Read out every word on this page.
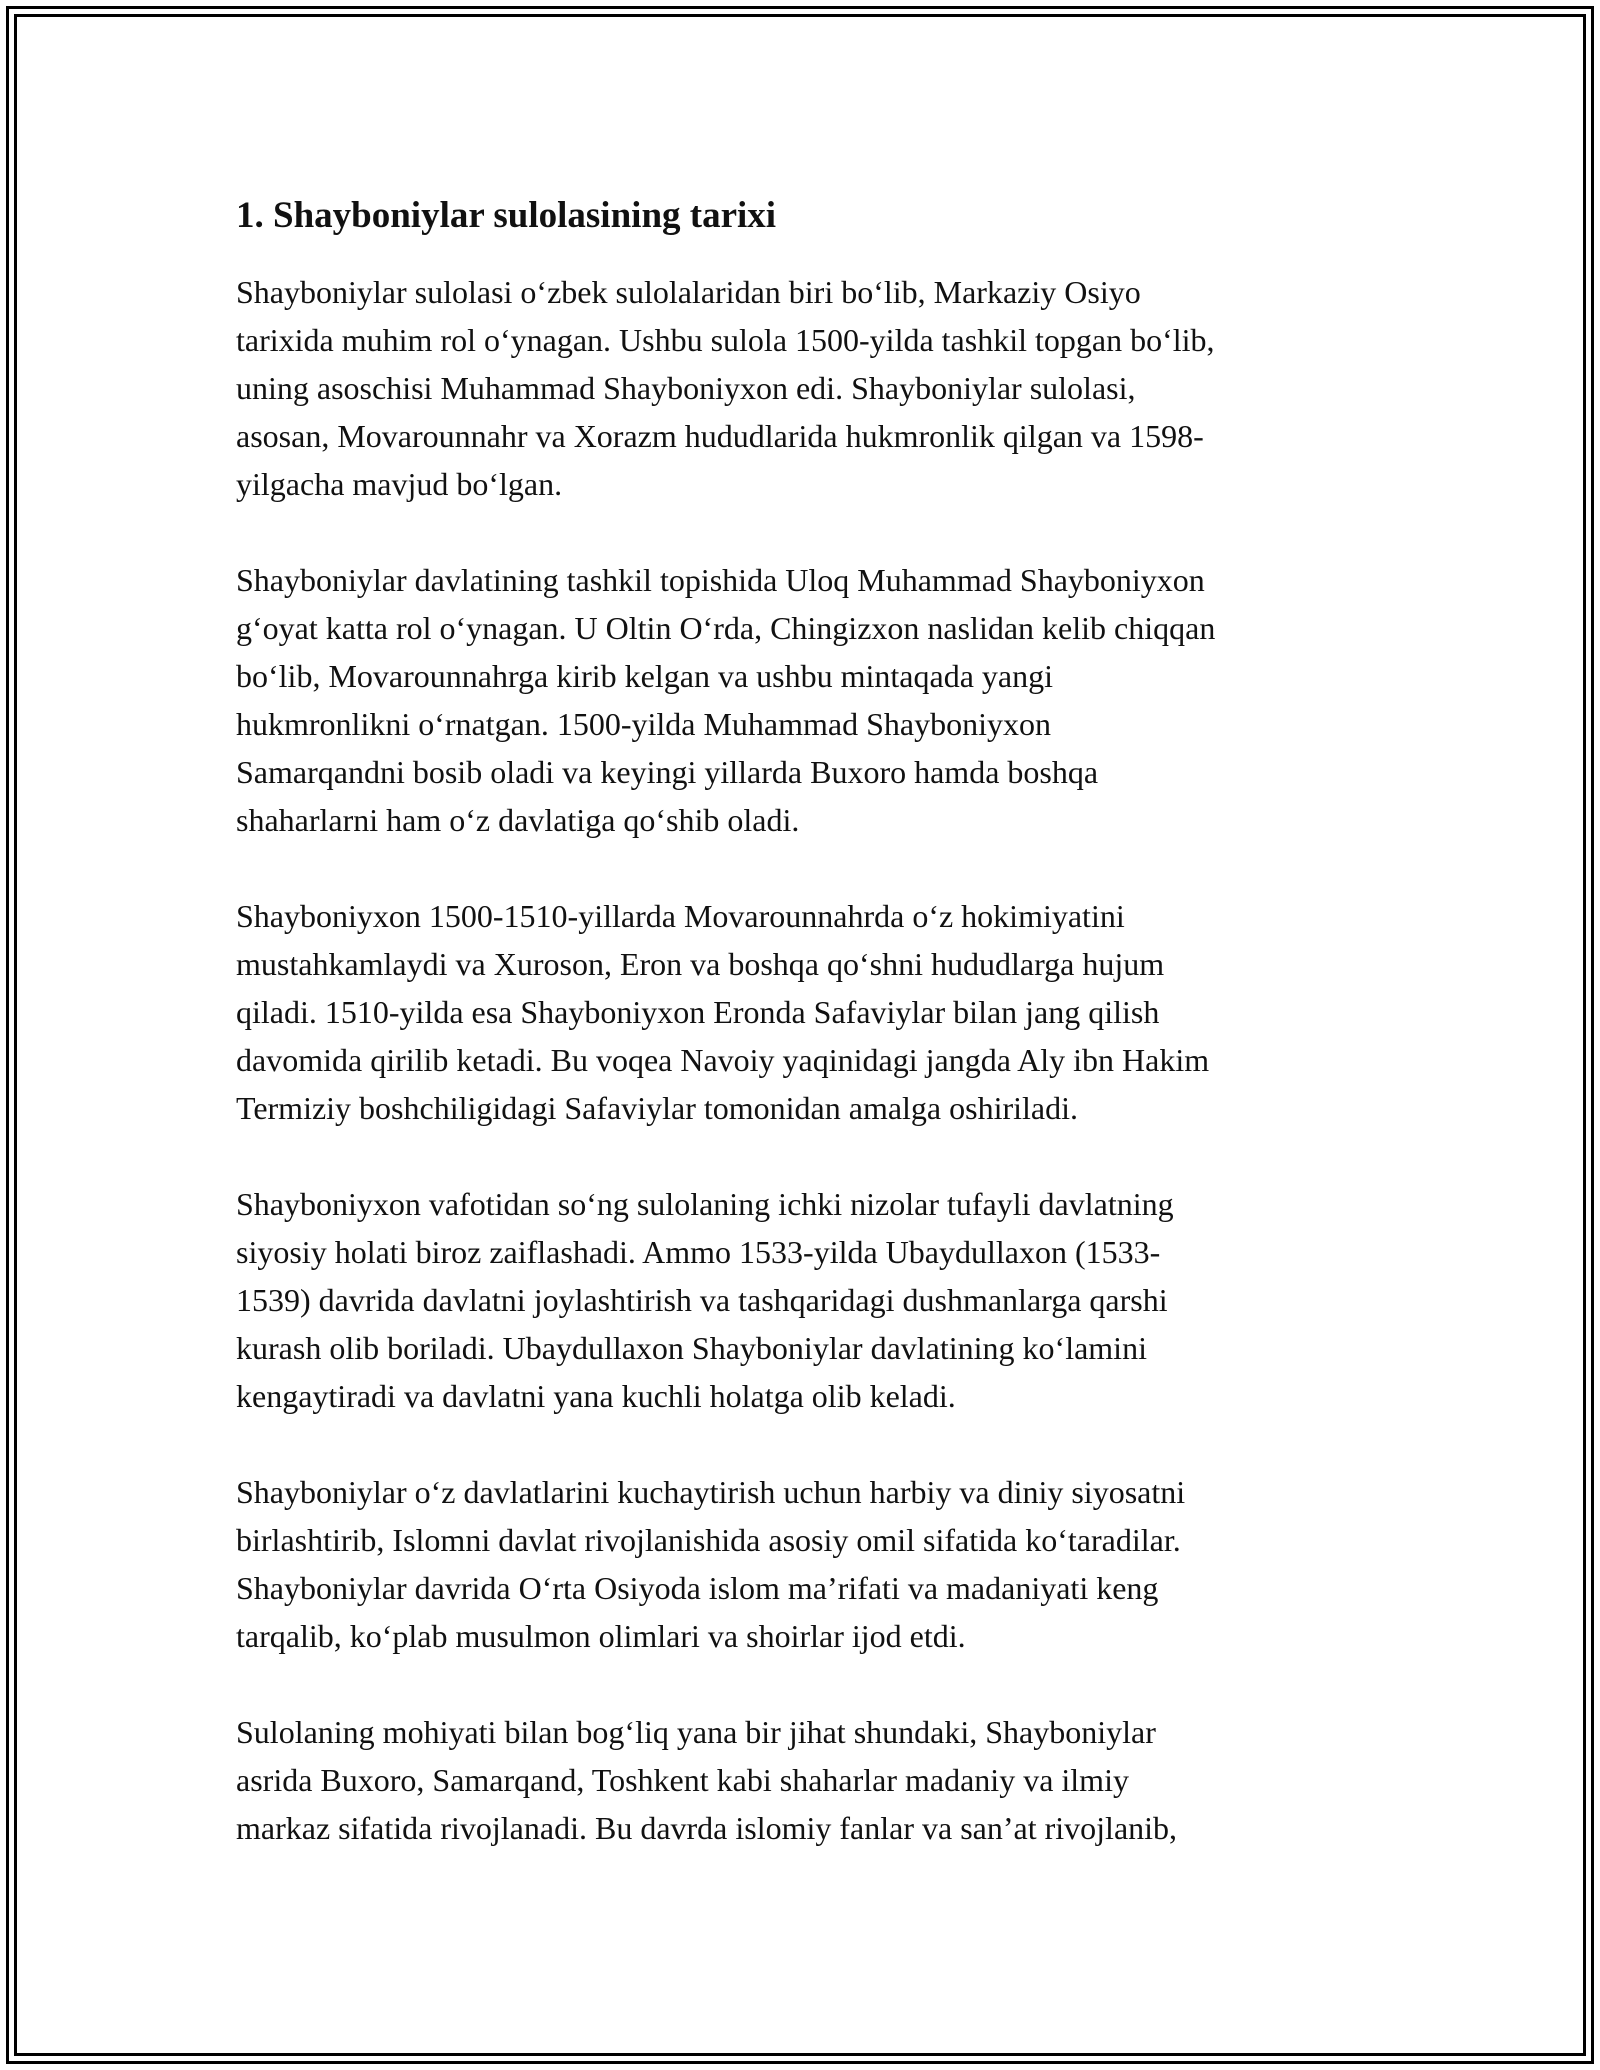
1. Shayboniylar sulolasining tarixi

Shayboniylar sulolasi o‘zbek sulolalaridan biri bo‘lib, Markaziy Osiyo
tarixida muhim rol o‘ynagan. Ushbu sulola 1500-yilda tashkil topgan bo‘lib,
uning asoschisi Muhammad Shayboniyxon edi. Shayboniylar sulolasi,
asosan, Movarounnahr va Xorazm hududlarida hukmronlik qilgan va 1598-
yilgacha mavjud bo‘lgan.

Shayboniylar davlatining tashkil topishida Uloq Muhammad Shayboniyxon
g‘oyat katta rol o‘ynagan. U Oltin O‘rda, Chingizxon naslidan kelib chiqqan
bo‘lib, Movarounnahrga kirib kelgan va ushbu mintaqada yangi
hukmronlikni o‘rnatgan. 1500-yilda Muhammad Shayboniyxon
Samarqandni bosib oladi va keyingi yillarda Buxoro hamda boshqa
shaharlarni ham o‘z davlatiga qo‘shib oladi.

Shayboniyxon 1500-1510-yillarda Movarounnahrda o‘z hokimiyatini
mustahkamlaydi va Xuroson, Eron va boshqa qo‘shni hududlarga hujum
qiladi. 1510-yilda esa Shayboniyxon Eronda Safaviylar bilan jang qilish
davomida qirilib ketadi. Bu voqea Navoiy yaqinidagi jangda Aly ibn Hakim
Termiziy boshchiligidagi Safaviylar tomonidan amalga oshiriladi.

Shayboniyxon vafotidan so‘ng sulolaning ichki nizolar tufayli davlatning
siyosiy holati biroz zaiflashadi. Ammo 1533-yilda Ubaydullaxon (1533-
1539) davrida davlatni joylashtirish va tashqaridagi dushmanlarga qarshi
kurash olib boriladi. Ubaydullaxon Shayboniylar davlatining ko‘lamini
kengaytiradi va davlatni yana kuchli holatga olib keladi.

Shayboniylar o‘z davlatlarini kuchaytirish uchun harbiy va diniy siyosatni
birlashtirib, Islomni davlat rivojlanishida asosiy omil sifatida ko‘taradilar.
Shayboniylar davrida O‘rta Osiyoda islom ma’rifati va madaniyati keng
tarqalib, ko‘plab musulmon olimlari va shoirlar ijod etdi.

Sulolaning mohiyati bilan bog‘liq yana bir jihat shundaki, Shayboniylar
asrida Buxoro, Samarqand, Toshkent kabi shaharlar madaniy va ilmiy
markaz sifatida rivojlanadi. Bu davrda islomiy fanlar va san’at rivojlanib,
